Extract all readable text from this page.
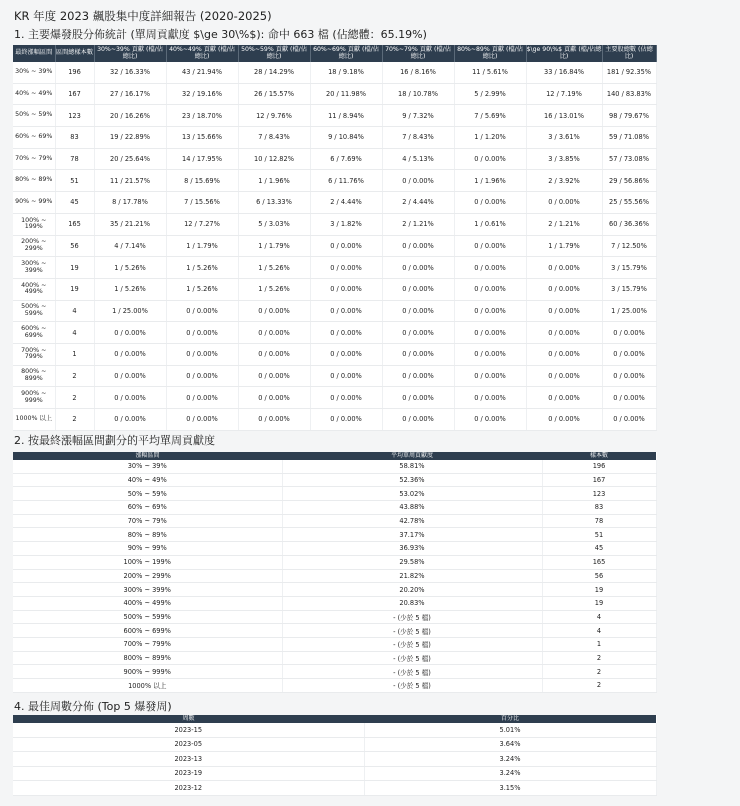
KR 年度 2023 飆股集中度詳細報告 (2020-2025)
1. 主要爆發股分佈統計 (單周貢獻度 $\ge 30\%$): 命中 663 檔 (佔總體：65.19%)
最終漲幅區間	區間總樣本數	30%~39% 貢獻 (檔/佔總比)	40%~49% 貢獻 (檔/佔總比)	50%~59% 貢獻 (檔/佔總比)	60%~69% 貢獻 (檔/佔總比)	70%~79% 貢獻 (檔/佔總比)	80%~89% 貢獻 (檔/佔總比)	$\ge 90\%$ 貢獻 (檔/佔總比)	主要股總數 (佔總比)
30% ~ 39%	196	32 / 16.33%	43 / 21.94%	28 / 14.29%	18 / 9.18%	16 / 8.16%	11 / 5.61%	33 / 16.84%	181 / 92.35%
40% ~ 49%	167	27 / 16.17%	32 / 19.16%	26 / 15.57%	20 / 11.98%	18 / 10.78%	5 / 2.99%	12 / 7.19%	140 / 83.83%
50% ~ 59%	123	20 / 16.26%	23 / 18.70%	12 / 9.76%	11 / 8.94%	9 / 7.32%	7 / 5.69%	16 / 13.01%	98 / 79.67%
60% ~ 69%	83	19 / 22.89%	13 / 15.66%	7 / 8.43%	9 / 10.84%	7 / 8.43%	1 / 1.20%	3 / 3.61%	59 / 71.08%
70% ~ 79%	78	20 / 25.64%	14 / 17.95%	10 / 12.82%	6 / 7.69%	4 / 5.13%	0 / 0.00%	3 / 3.85%	57 / 73.08%
80% ~ 89%	51	11 / 21.57%	8 / 15.69%	1 / 1.96%	6 / 11.76%	0 / 0.00%	1 / 1.96%	2 / 3.92%	29 / 56.86%
90% ~ 99%	45	8 / 17.78%	7 / 15.56%	6 / 13.33%	2 / 4.44%	2 / 4.44%	0 / 0.00%	0 / 0.00%	25 / 55.56%
100% ~ 199%	165	35 / 21.21%	12 / 7.27%	5 / 3.03%	3 / 1.82%	2 / 1.21%	1 / 0.61%	2 / 1.21%	60 / 36.36%
200% ~ 299%	56	4 / 7.14%	1 / 1.79%	1 / 1.79%	0 / 0.00%	0 / 0.00%	0 / 0.00%	1 / 1.79%	7 / 12.50%
300% ~ 399%	19	1 / 5.26%	1 / 5.26%	1 / 5.26%	0 / 0.00%	0 / 0.00%	0 / 0.00%	0 / 0.00%	3 / 15.79%
400% ~ 499%	19	1 / 5.26%	1 / 5.26%	1 / 5.26%	0 / 0.00%	0 / 0.00%	0 / 0.00%	0 / 0.00%	3 / 15.79%
500% ~ 599%	4	1 / 25.00%	0 / 0.00%	0 / 0.00%	0 / 0.00%	0 / 0.00%	0 / 0.00%	0 / 0.00%	1 / 25.00%
600% ~ 699%	4	0 / 0.00%	0 / 0.00%	0 / 0.00%	0 / 0.00%	0 / 0.00%	0 / 0.00%	0 / 0.00%	0 / 0.00%
700% ~ 799%	1	0 / 0.00%	0 / 0.00%	0 / 0.00%	0 / 0.00%	0 / 0.00%	0 / 0.00%	0 / 0.00%	0 / 0.00%
800% ~ 899%	2	0 / 0.00%	0 / 0.00%	0 / 0.00%	0 / 0.00%	0 / 0.00%	0 / 0.00%	0 / 0.00%	0 / 0.00%
900% ~ 999%	2	0 / 0.00%	0 / 0.00%	0 / 0.00%	0 / 0.00%	0 / 0.00%	0 / 0.00%	0 / 0.00%	0 / 0.00%
1000% 以上	2	0 / 0.00%	0 / 0.00%	0 / 0.00%	0 / 0.00%	0 / 0.00%	0 / 0.00%	0 / 0.00%	0 / 0.00%
2. 按最終漲幅區間劃分的平均單周貢獻度
漲幅區間	平均單周貢獻度	樣本數
30% ~ 39%	58.81%	196
40% ~ 49%	52.36%	167
50% ~ 59%	53.02%	123
60% ~ 69%	43.88%	83
70% ~ 79%	42.78%	78
80% ~ 89%	37.17%	51
90% ~ 99%	36.93%	45
100% ~ 199%	29.58%	165
200% ~ 299%	21.82%	56
300% ~ 399%	20.20%	19
400% ~ 499%	20.83%	19
500% ~ 599%	- (少於 5 檔)	4
600% ~ 699%	- (少於 5 檔)	4
700% ~ 799%	- (少於 5 檔)	1
800% ~ 899%	- (少於 5 檔)	2
900% ~ 999%	- (少於 5 檔)	2
1000% 以上	- (少於 5 檔)	2
4. 最佳周數分佈 (Top 5 爆發周)
周數	百分比
2023-15	5.01%
2023-05	3.64%
2023-13	3.24%
2023-19	3.24%
2023-12	3.15%
